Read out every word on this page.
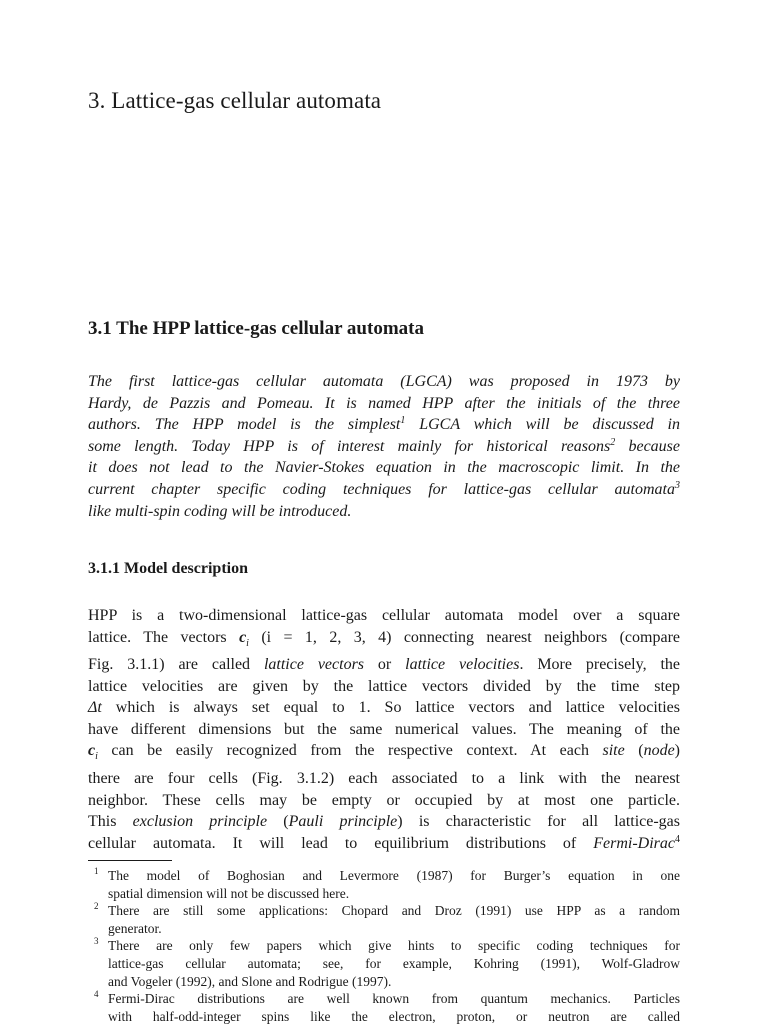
3. Lattice-gas cellular automata
3.1 The HPP lattice-gas cellular automata
The first lattice-gas cellular automata (LGCA) was proposed in 1973 by
Hardy, de Pazzis and Pomeau. It is named HPP after the initials of the three
authors. The HPP model is the simplest$^1$ LGCA which will be discussed in
some length. Today HPP is of interest mainly for historical reasons$^2$ because
it does not lead to the Navier-Stokes equation in the macroscopic limit. In the
current chapter specific coding techniques for lattice-gas cellular automata$^3$
like multi-spin coding will be introduced.
3.1.1 Model description
HPP is a two-dimensional lattice-gas cellular automata model over a square
lattice. The vectors $c_i$ (i = 1, 2, 3, 4) connecting nearest neighbors (compare
Fig. 3.1.1) are called lattice vectors or lattice velocities. More precisely, the
lattice velocities are given by the lattice vectors divided by the time step
Δt which is always set equal to 1. So lattice vectors and lattice velocities
have different dimensions but the same numerical values. The meaning of the
$c_i$ can be easily recognized from the respective context. At each site (node)
there are four cells (Fig. 3.1.2) each associated to a link with the nearest
neighbor. These cells may be empty or occupied by at most one particle.
This exclusion principle (Pauli principle) is characteristic for all lattice-gas
cellular automata. It will lead to equilibrium distributions of Fermi-Dirac$^4$
1 The model of Boghosian and Levermore (1987) for Burger’s equation in one
spatial dimension will not be discussed here.
2 There are still some applications: Chopard and Droz (1991) use HPP as a random
generator.
3 There are only few papers which give hints to specific coding techniques for
lattice-gas cellular automata; see, for example, Kohring (1991), Wolf-Gladrow
and Vogeler (1992), and Slone and Rodrigue (1997).
4 Fermi-Dirac distributions are well known from quantum mechanics. Particles
with half-odd-integer spins like the electron, proton, or neutron are called
